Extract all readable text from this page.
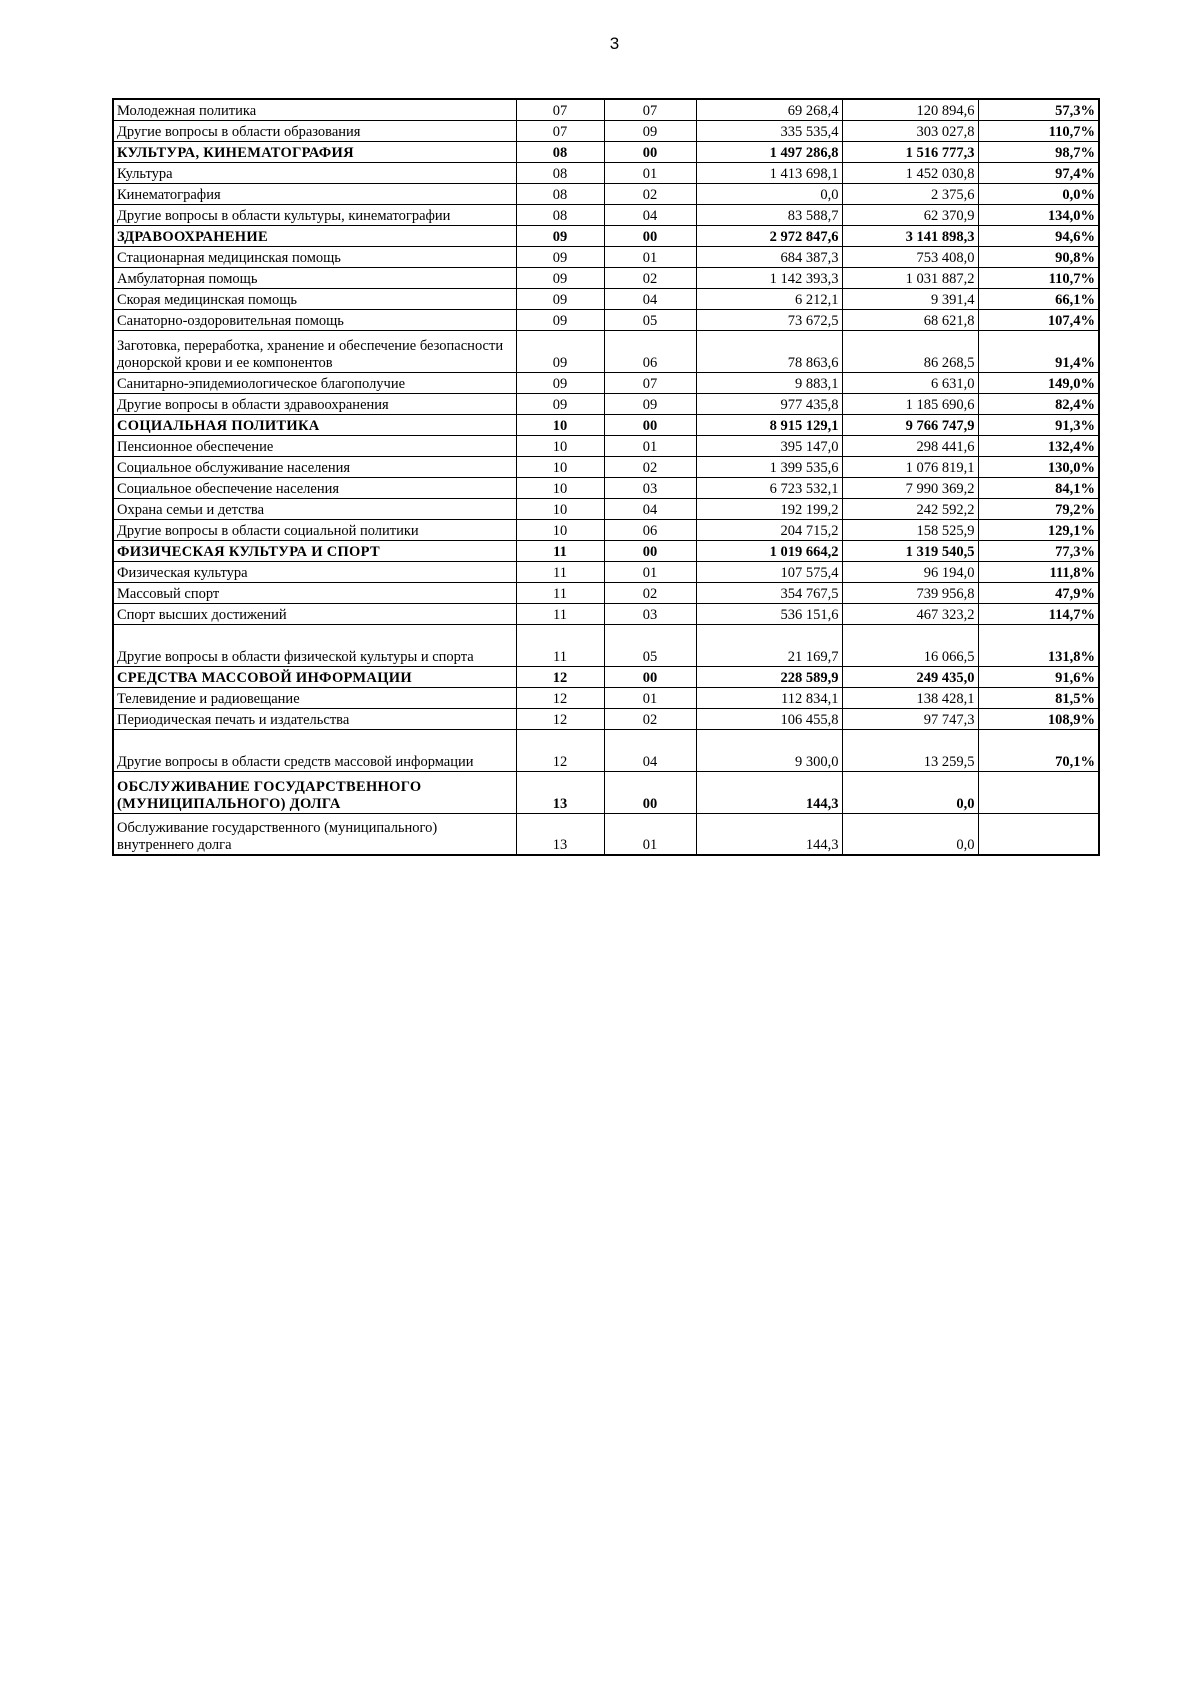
3
Молодежная политика	07	07	69 268,4	120 894,6	57,3%
Другие вопросы в области образования	07	09	335 535,4	303 027,8	110,7%
КУЛЬТУРА, КИНЕМАТОГРАФИЯ	08	00	1 497 286,8	1 516 777,3	98,7%
Культура	08	01	1 413 698,1	1 452 030,8	97,4%
Кинематография	08	02	0,0	2 375,6	0,0%
Другие вопросы в области культуры, кинематографии	08	04	83 588,7	62 370,9	134,0%
ЗДРАВООХРАНЕНИЕ	09	00	2 972 847,6	3 141 898,3	94,6%
Стационарная медицинская помощь	09	01	684 387,3	753 408,0	90,8%
Амбулаторная помощь	09	02	1 142 393,3	1 031 887,2	110,7%
Скорая медицинская помощь	09	04	6 212,1	9 391,4	66,1%
Санаторно-оздоровительная помощь	09	05	73 672,5	68 621,8	107,4%
Заготовка, переработка, хранение и обеспечение безопасности донорской крови и ее компонентов	09	06	78 863,6	86 268,5	91,4%
Санитарно-эпидемиологическое благополучие	09	07	9 883,1	6 631,0	149,0%
Другие вопросы в области здравоохранения	09	09	977 435,8	1 185 690,6	82,4%
СОЦИАЛЬНАЯ ПОЛИТИКА	10	00	8 915 129,1	9 766 747,9	91,3%
Пенсионное обеспечение	10	01	395 147,0	298 441,6	132,4%
Социальное обслуживание населения	10	02	1 399 535,6	1 076 819,1	130,0%
Социальное обеспечение населения	10	03	6 723 532,1	7 990 369,2	84,1%
Охрана семьи и детства	10	04	192 199,2	242 592,2	79,2%
Другие вопросы в области социальной политики	10	06	204 715,2	158 525,9	129,1%
ФИЗИЧЕСКАЯ КУЛЬТУРА И СПОРТ	11	00	1 019 664,2	1 319 540,5	77,3%
Физическая культура	11	01	107 575,4	96 194,0	111,8%
Массовый спорт	11	02	354 767,5	739 956,8	47,9%
Спорт высших достижений	11	03	536 151,6	467 323,2	114,7%
Другие вопросы в области физической культуры и спорта	11	05	21 169,7	16 066,5	131,8%
СРЕДСТВА МАССОВОЙ ИНФОРМАЦИИ	12	00	228 589,9	249 435,0	91,6%
Телевидение и радиовещание	12	01	112 834,1	138 428,1	81,5%
Периодическая печать и издательства	12	02	106 455,8	97 747,3	108,9%
Другие вопросы в области средств массовой информации	12	04	9 300,0	13 259,5	70,1%
ОБСЛУЖИВАНИЕ ГОСУДАРСТВЕННОГО (МУНИЦИПАЛЬНОГО) ДОЛГА	13	00	144,3	0,0	
Обслуживание государственного (муниципального) внутреннего долга	13	01	144,3	0,0	
